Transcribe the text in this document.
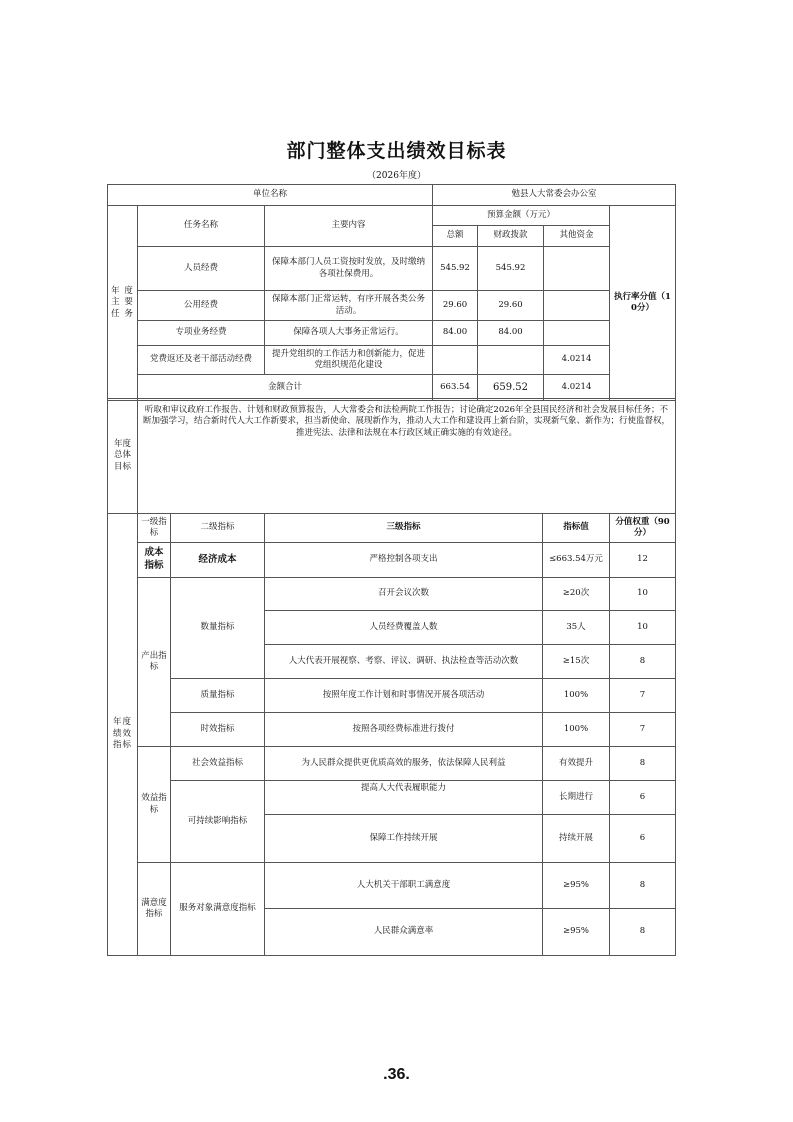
部门整体支出绩效目标表
（2026年度）
单位名称			勉县人大常委会办公室			
年 度 主 要 任 务	任务名称	主要内容	预算金额（万元）			执行率分值（10分）
			总额	财政拨款	其他资金	
	人员经费	保障本部门人员工资按时发放，及时缴纳各项社保费用。	545.92	545.92		
	公用经费	保障本部门正常运转，有序开展各类公务活动。	29.60	29.60		
	专项业务经费	保障各项人大事务正常运行。	84.00	84.00		
	党费返还及老干部活动经费	提升党组织的工作活力和创新能力，促进党组织规范化建设			4.0214	
	金额合计		663.54	659.52	4.0214	
年度总体目标	听取和审议政府工作报告、计划和财政预算报告，人大常委会和法检两院工作报告；讨论确定2026年全县国民经济和社会发展目标任务；不断加强学习，结合新时代人大工作新要求，担当新使命、展现新作为，推动人大工作和建设再上新台阶，实现新气象、新作为；行使监督权，推进宪法、法律和法规在本行政区域正确实施的有效途径。
年度绩效指标	一级指标	二级指标	三级指标	指标值	分值权重（90分）
	成本指标	经济成本	严格控制各项支出	≤663.54万元	12
	产出指标	数量指标	召开会议次数	≥20次	10
			人员经费覆盖人数	35人	10
			人大代表开展视察、考察、评议、调研、执法检查等活动次数	≥15次	8
		质量指标	按照年度工作计划和时事情况开展各项活动	100%	7
		时效指标	按照各项经费标准进行拨付	100%	7
	效益指标	社会效益指标	为人民群众提供更优质高效的服务，依法保障人民利益	有效提升	8
		可持续影响指标	提高人大代表履职能力	长期进行	6
			保障工作持续开展	持续开展	6
	满意度指标	服务对象满意度指标	人大机关干部职工满意度	≥95%	8
			人民群众满意率	≥95%	8
.36.
